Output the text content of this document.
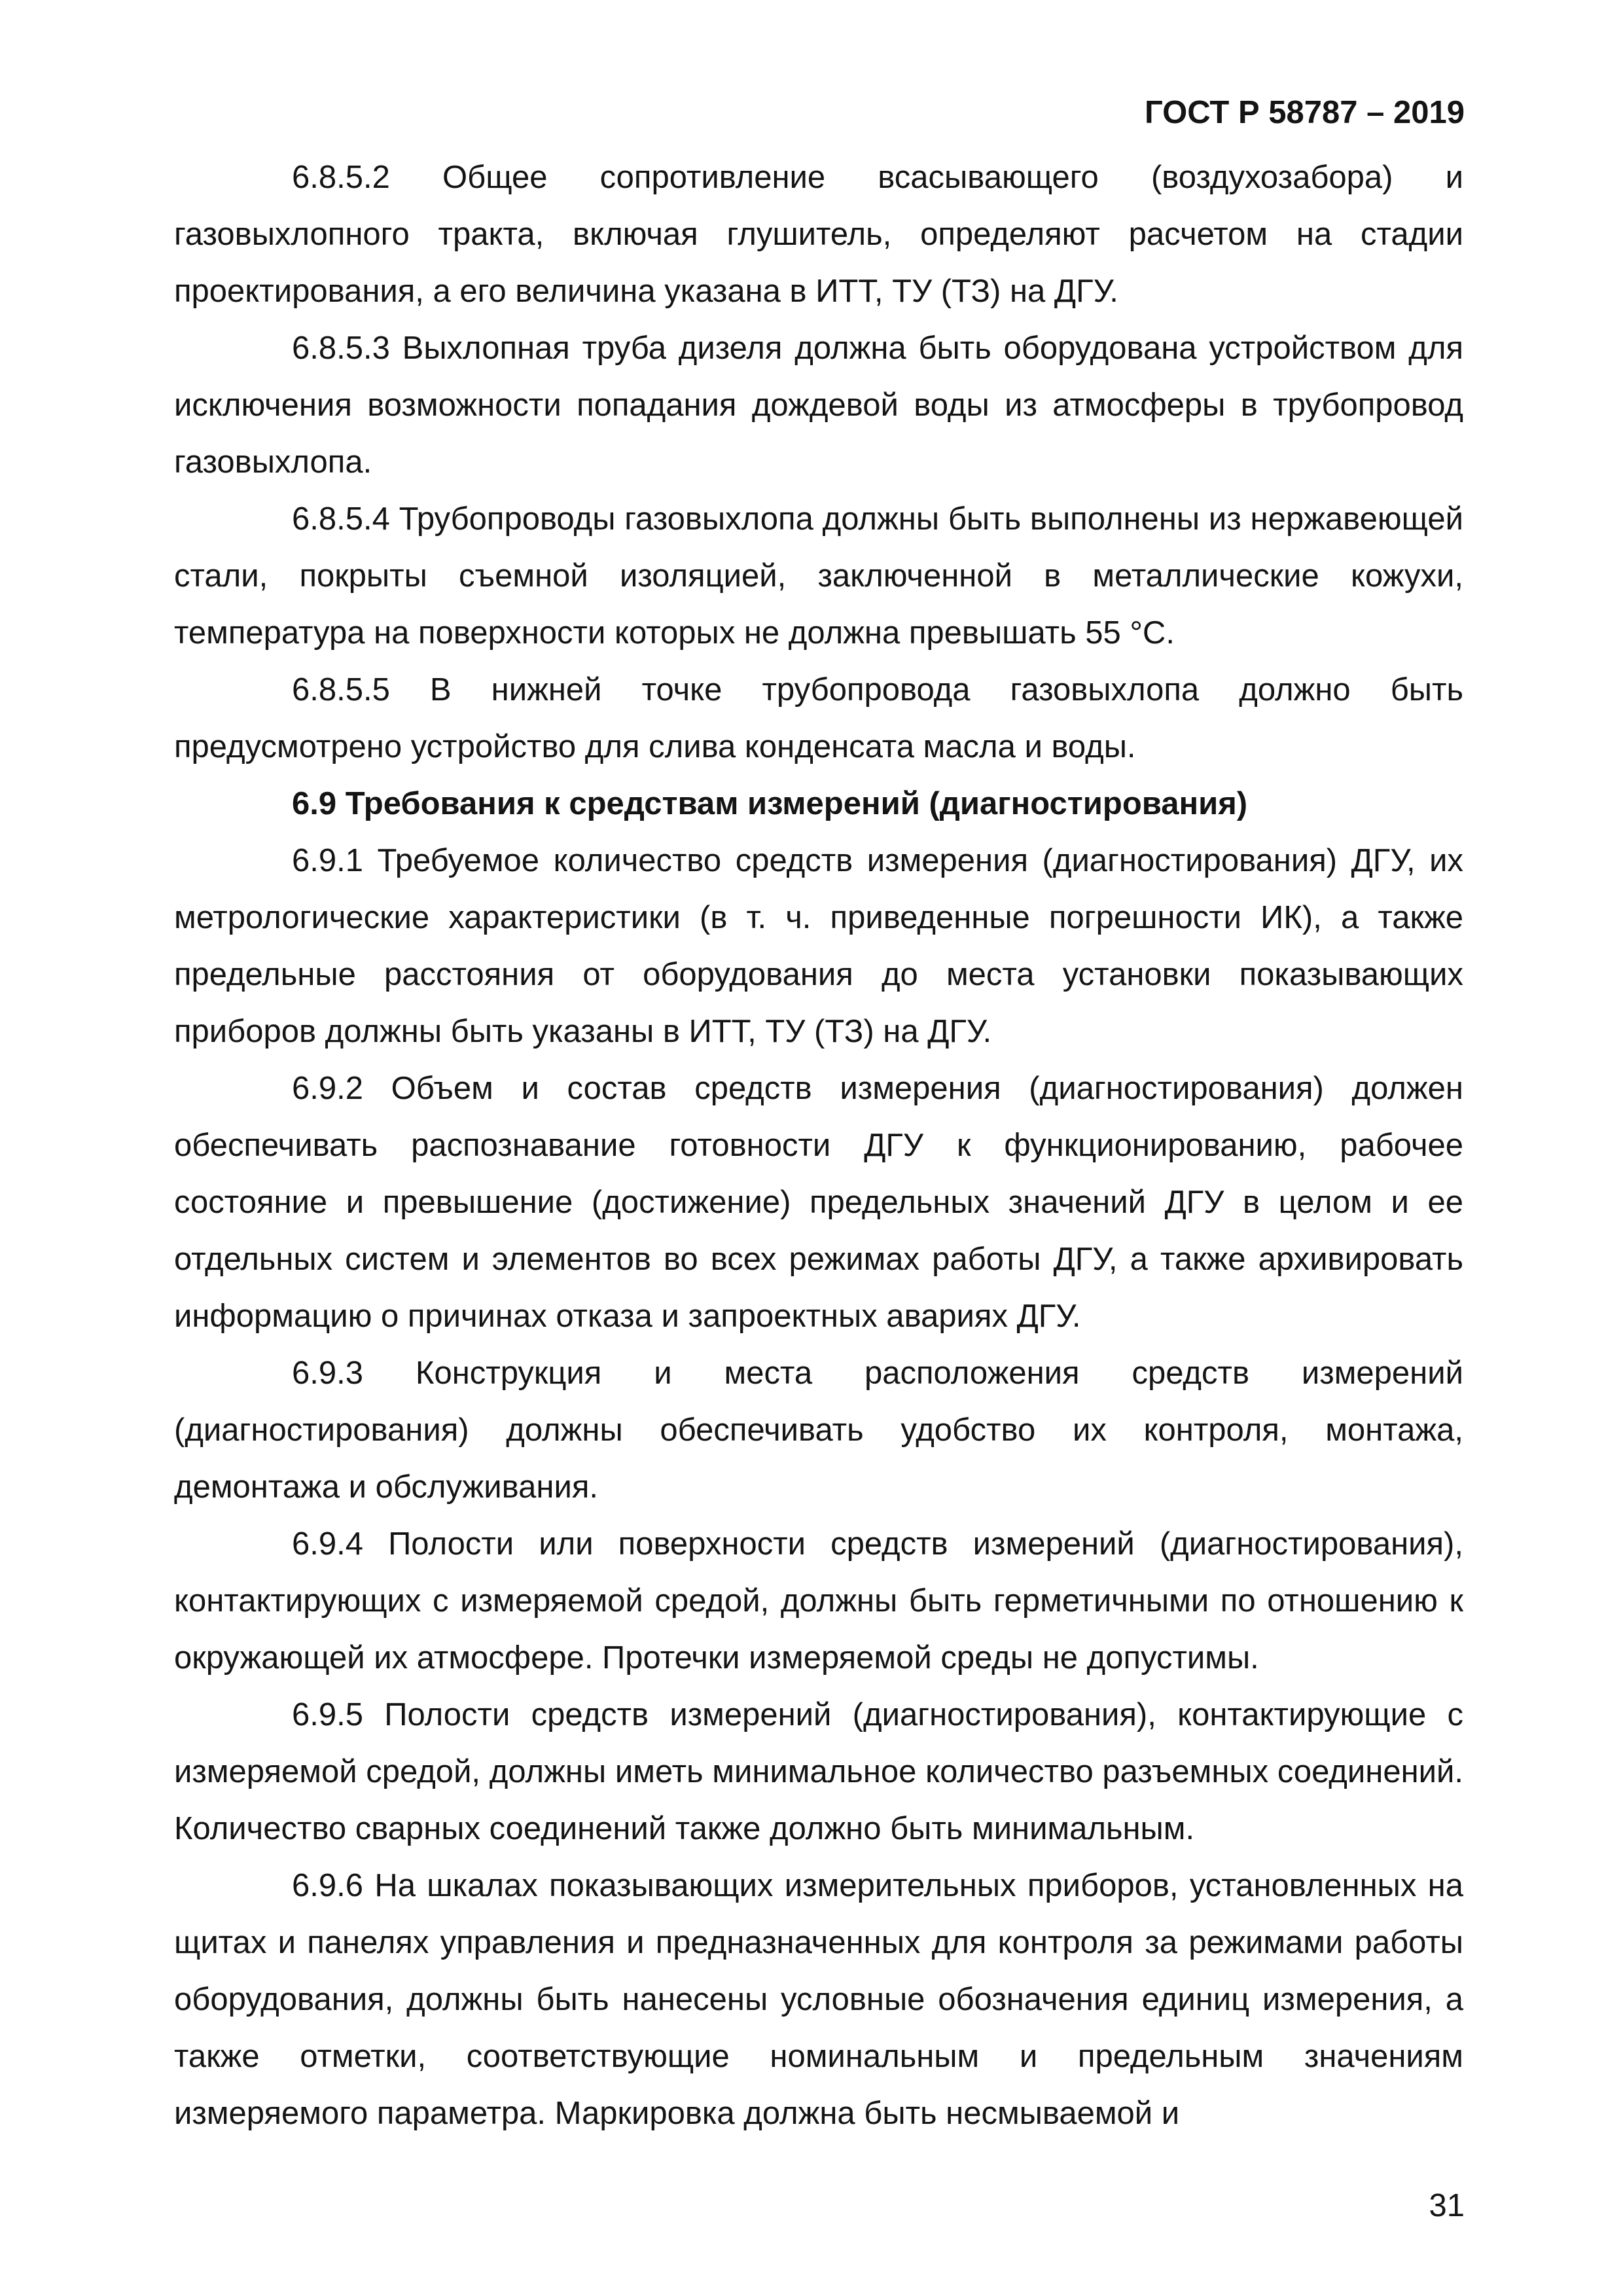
ГОСТ Р 58787 – 2019

6.8.5.2 Общее сопротивление всасывающего (воздухозабора) и газовыхлопного тракта, включая глушитель, определяют расчетом на стадии проектирования, а его величина указана в ИТТ, ТУ (ТЗ) на ДГУ.

6.8.5.3 Выхлопная труба дизеля должна быть оборудована устройством для исключения возможности попадания дождевой воды из атмосферы в трубопровод газовыхлопа.

6.8.5.4 Трубопроводы газовыхлопа должны быть выполнены из нержавеющей стали, покрыты съемной изоляцией, заключенной в металлические кожухи, температура на поверхности которых не должна превышать 55 °С.

6.8.5.5 В нижней точке трубопровода газовыхлопа должно быть предусмотрено устройство для слива конденсата масла и воды.

6.9 Требования к средствам измерений (диагностирования)

6.9.1 Требуемое количество средств измерения (диагностирования) ДГУ, их метрологические характеристики (в т. ч. приведенные погрешности ИК), а также предельные расстояния от оборудования до места установки показывающих приборов должны быть указаны в ИТТ, ТУ (ТЗ) на ДГУ.

6.9.2 Объем и состав средств измерения (диагностирования) должен обеспечивать распознавание готовности ДГУ к функционированию, рабочее состояние и превышение (достижение) предельных значений ДГУ в целом и ее отдельных систем и элементов во всех режимах работы ДГУ, а также архивировать информацию о причинах отказа и запроектных авариях ДГУ.

6.9.3 Конструкция и места расположения средств измерений (диагностирования) должны обеспечивать удобство их контроля, монтажа, демонтажа и обслуживания.

6.9.4 Полости или поверхности средств измерений (диагностирования), контактирующих с измеряемой средой, должны быть герметичными по отношению к окружающей их атмосфере. Протечки измеряемой среды не допустимы.

6.9.5 Полости средств измерений (диагностирования), контактирующие с измеряемой средой, должны иметь минимальное количество разъемных соединений. Количество сварных соединений также должно быть минимальным.

6.9.6 На шкалах показывающих измерительных приборов, установленных на щитах и панелях управления и предназначенных для контроля за режимами работы оборудования, должны быть нанесены условные обозначения единиц измерения, а также отметки, соответствующие номинальным и предельным значениям измеряемого параметра. Маркировка должна быть несмываемой и

31
